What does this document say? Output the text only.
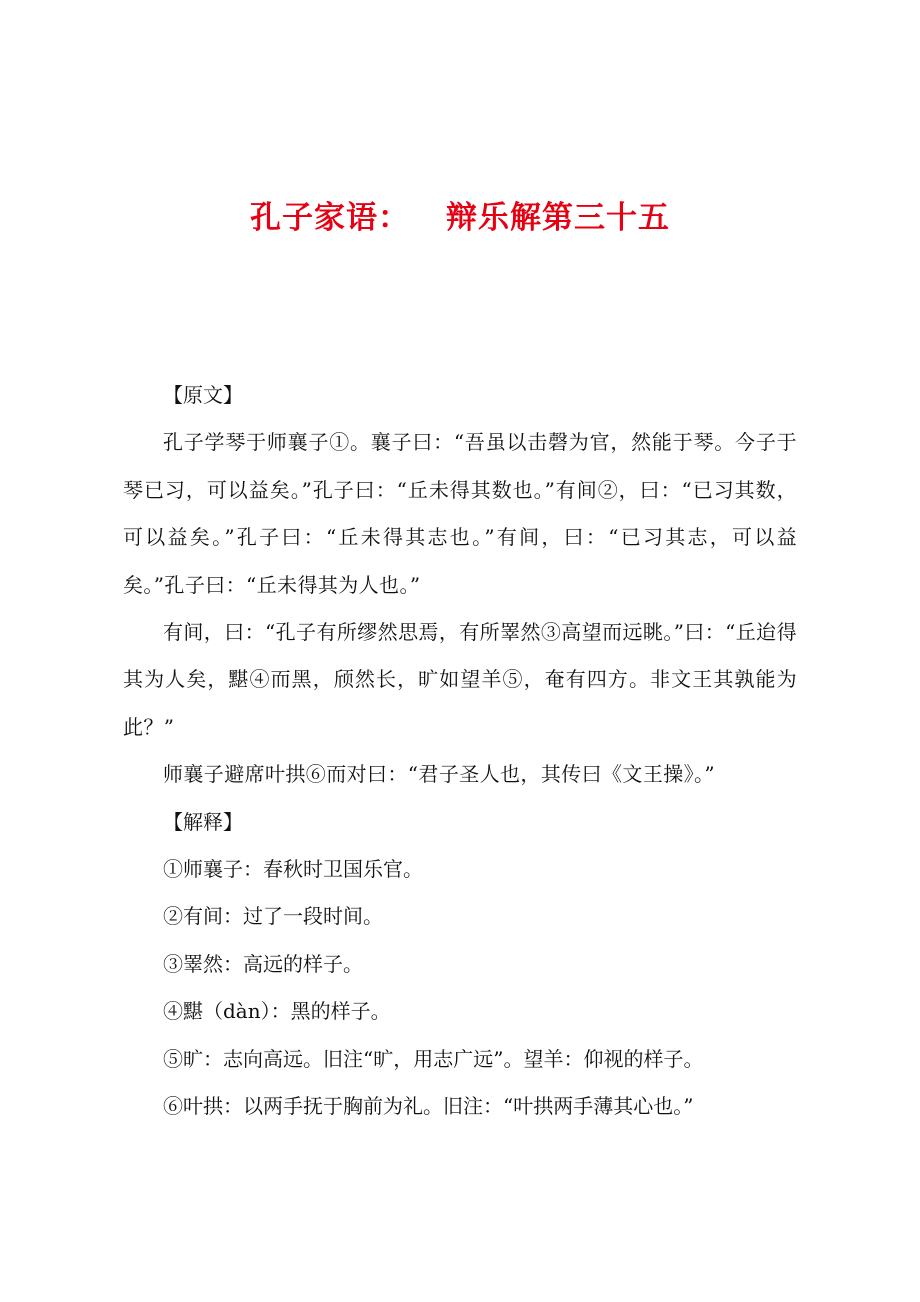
孔子家语： 辩乐解第三十五

【原文】

孔子学琴于师襄子①。襄子曰：“吾虽以击磬为官，然能于琴。今子于琴已习，可以益矣。”孔子曰：“丘未得其数也。”有间②，曰：“已习其数，可以益矣。”孔子曰：“丘未得其志也。”有间，曰：“已习其志，可以益矣。”孔子曰：“丘未得其为人也。”

有间，曰：“孔子有所缪然思焉，有所睪然③高望而远眺。”曰：“丘迨得其为人矣，黮④而黑，颀然长，旷如望羊⑤，奄有四方。非文王其孰能为此？”

师襄子避席叶拱⑥而对曰：“君子圣人也，其传曰《文王操》。”

【解释】

①师襄子：春秋时卫国乐官。

②有间：过了一段时间。

③睪然：高远的样子。

④黮（dàn）：黑的样子。

⑤旷：志向高远。旧注“旷，用志广远”。望羊：仰视的样子。

⑥叶拱：以两手抚于胸前为礼。旧注：“叶拱两手薄其心也。”
